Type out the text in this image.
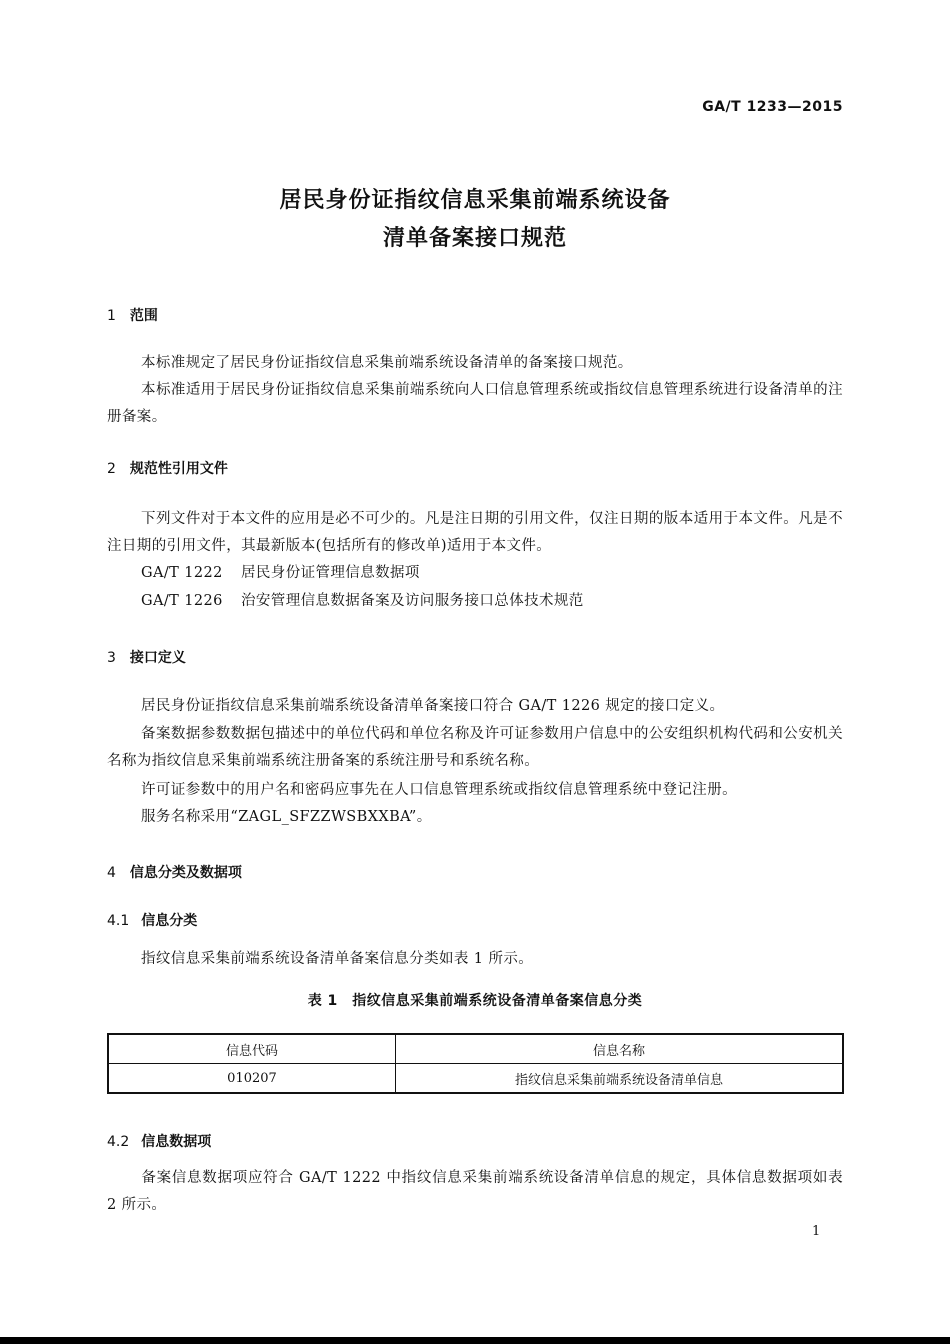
GA/T 1233—2015
居民身份证指纹信息采集前端系统设备
清单备案接口规范
1 范围
本标准规定了居民身份证指纹信息采集前端系统设备清单的备案接口规范。
本标准适用于居民身份证指纹信息采集前端系统向人口信息管理系统或指纹信息管理系统进行设备清单的注册备案。
2 规范性引用文件
下列文件对于本文件的应用是必不可少的。凡是注日期的引用文件，仅注日期的版本适用于本文件。凡是不注日期的引用文件，其最新版本(包括所有的修改单)适用于本文件。
GA/T 1222 居民身份证管理信息数据项
GA/T 1226 治安管理信息数据备案及访问服务接口总体技术规范
3 接口定义
居民身份证指纹信息采集前端系统设备清单备案接口符合 GA/T 1226 规定的接口定义。
备案数据参数数据包描述中的单位代码和单位名称及许可证参数用户信息中的公安组织机构代码和公安机关名称为指纹信息采集前端系统注册备案的系统注册号和系统名称。
许可证参数中的用户名和密码应事先在人口信息管理系统或指纹信息管理系统中登记注册。
服务名称采用“ZAGL_SFZZWSBXXBA”。
4 信息分类及数据项
4.1 信息分类
指纹信息采集前端系统设备清单备案信息分类如表 1 所示。
表 1　指纹信息采集前端系统设备清单备案信息分类
信息代码	信息名称
010207	指纹信息采集前端系统设备清单信息
4.2 信息数据项
备案信息数据项应符合 GA/T 1222 中指纹信息采集前端系统设备清单信息的规定，具体信息数据项如表 2 所示。
1
